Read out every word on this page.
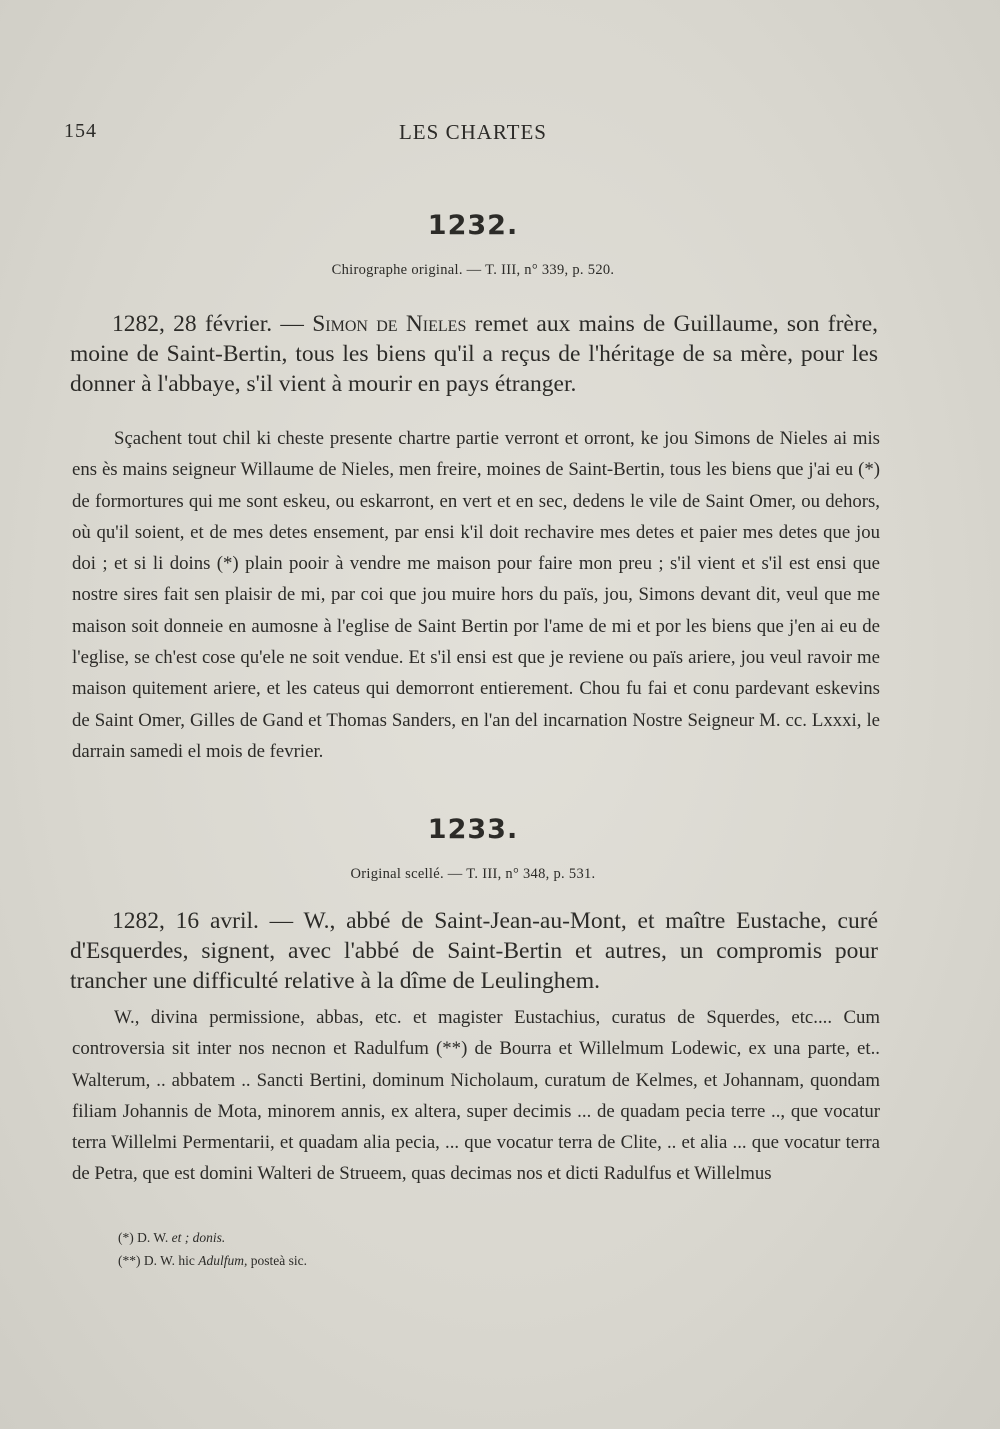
154	LES CHARTES
1232.
Chirographe original. — T. III, n° 339, p. 520.
1282, 28 février. — Simon de Nieles remet aux mains de Guillaume, son frère, moine de Saint-Bertin, tous les biens qu'il a reçus de l'héritage de sa mère, pour les donner à l'abbaye, s'il vient à mourir en pays étranger.
Sçachent tout chil ki cheste presente chartre partie verront et orront, ke jou Simons de Nieles ai mis ens ès mains seigneur Willaume de Nieles, men freire, moines de Saint-Bertin, tous les biens que j'ai eu (*) de formortures qui me sont eskeu, ou eskarront, en vert et en sec, dedens le vile de Saint Omer, ou dehors, où qu'il soient, et de mes detes ensement, par ensi k'il doit rechavire mes detes et paier mes detes que jou doi ; et si li doins (*) plain pooir à vendre me maison pour faire mon preu ; s'il vient et s'il est ensi que nostre sires fait sen plaisir de mi, par coi que jou muire hors du païs, jou, Simons devant dit, veul que me maison soit donneie en aumosne à l'eglise de Saint Bertin por l'ame de mi et por les biens que j'en ai eu de l'eglise, se ch'est cose qu'ele ne soit vendue. Et s'il ensi est que je reviene ou païs ariere, jou veul ravoir me maison quitement ariere, et les cateus qui demorront entierement. Chou fu fai et conu pardevant eskevins de Saint Omer, Gilles de Gand et Thomas Sanders, en l'an del incarnation Nostre Seigneur M. cc. Lxxxi, le darrain samedi el mois de fevrier.
1233.
Original scellé. — T. III, n° 348, p. 531.
1282, 16 avril. — W., abbé de Saint-Jean-au-Mont, et maître Eustache, curé d'Esquerdes, signent, avec l'abbé de Saint-Bertin et autres, un compromis pour trancher une difficulté relative à la dîme de Leulinghem.
W., divina permissione, abbas, etc. et magister Eustachius, curatus de Squerdes, etc.... Cum controversia sit inter nos necnon et Radulfum (**) de Bourra et Willelmum Lodewic, ex una parte, et.. Walterum, .. abbatem .. Sancti Bertini, dominum Nicholaum, curatum de Kelmes, et Johannam, quondam filiam Johannis de Mota, minorem annis, ex altera, super decimis ... de quadam pecia terre .., que vocatur terra Willelmi Permentarii, et quadam alia pecia, ... que vocatur terra de Clite, .. et alia ... que vocatur terra de Petra, que est domini Walteri de Strueem, quas decimas nos et dicti Radulfus et Willelmus
(*) D. W. et ; donis.
(**) D. W. hic Adulfum, posteà sic.
